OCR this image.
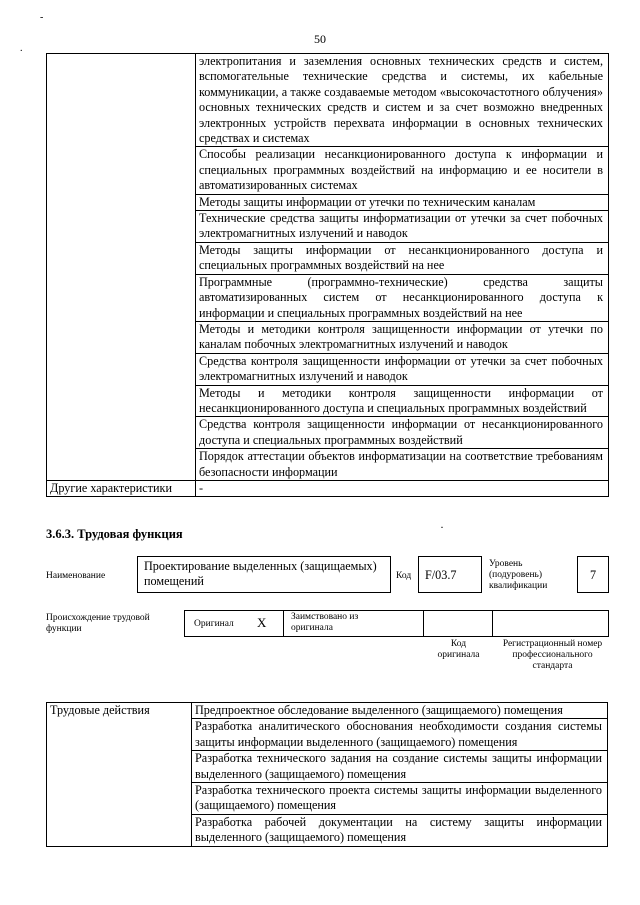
-
.
50
	электропитания и заземления основных технических средств и систем, вспомогательные технические средства и системы, их кабельные коммуникации, а также создаваемые методом «высокочастотного облучения» основных технических средств и систем и за счет возможно внедренных электронных устройств перехвата информации в основных технических средствах и системах
	Способы реализации несанкционированного доступа к информации и специальных программных воздействий на информацию и ее носители в автоматизированных системах
	Методы защиты информации от утечки по техническим каналам
	Технические средства защиты информатизации от утечки за счет побочных электромагнитных излучений и наводок
	Методы защиты информации от несанкционированного доступа и специальных программных воздействий на нее
	Программные (программно-технические) средства защиты автоматизированных систем от несанкционированного доступа к информации и специальных программных воздействий на нее
	Методы и методики контроля защищенности информации от утечки по каналам побочных электромагнитных излучений и наводок
	Средства контроля защищенности информации от утечки за счет побочных электромагнитных излучений и наводок
	Методы и методики контроля защищенности информации от несанкционированного доступа и специальных программных воздействий
	Средства контроля защищенности информации от несанкционированного доступа и специальных программных воздействий
	Порядок аттестации объектов информатизации на соответствие требованиям безопасности информации
Другие характеристики	-
3.6.3. Трудовая функция	·
Наименование
Проектирование выделенных (защищаемых) помещений	Код	F/03.7
Уровень (подуровень) квалификации
7
Происхождение трудовой функции	Оригинал X	Заимствовано из оригинала
Код оригинала
Регистрационный номер профессионального стандарта
Трудовые действия	Предпроектное обследование выделенного (защищаемого) помещения
Разработка аналитического обоснования необходимости создания системы защиты информации выделенного (защищаемого) помещения
Разработка технического задания на создание системы защиты информации выделенного (защищаемого) помещения
Разработка технического проекта системы защиты информации выделенного (защищаемого) помещения
Разработка рабочей документации на систему защиты информации выделенного (защищаемого) помещения
